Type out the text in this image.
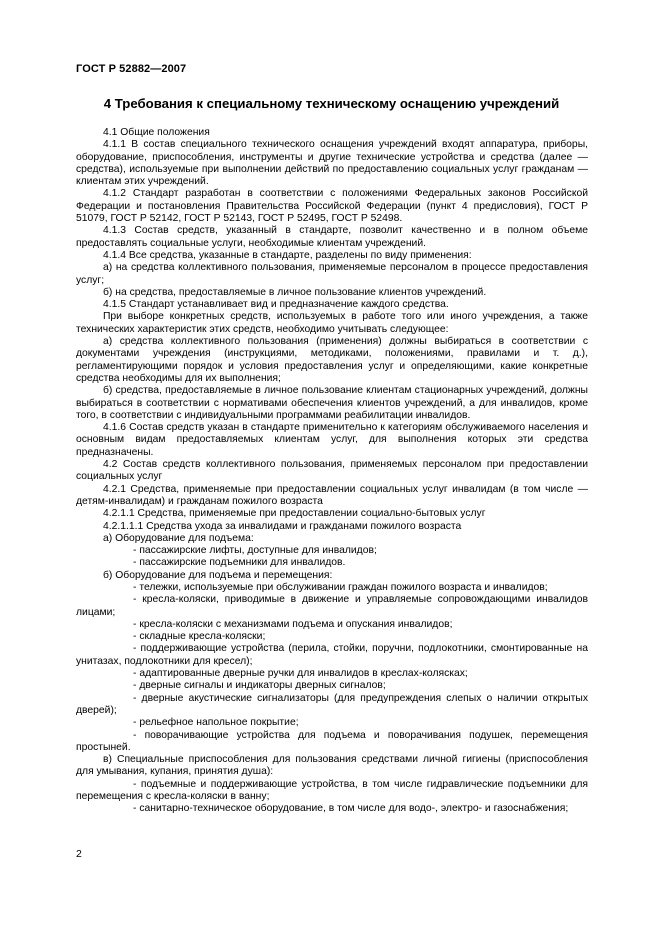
ГОСТ Р 52882—2007
4 Требования к специальному техническому оснащению учреждений

4.1 Общие положения

4.1.1 В состав специального технического оснащения учреждений входят аппаратура, приборы, оборудование, приспособления, инструменты и другие технические устройства и средства (далее — средства), используемые при выполнении действий по предоставлению социальных услуг гражданам — клиентам этих учреждений.

4.1.2 Стандарт разработан в соответствии с положениями Федеральных законов Российской Федерации и постановления Правительства Российской Федерации (пункт 4 предисловия), ГОСТ Р 51079, ГОСТ Р 52142, ГОСТ Р 52143, ГОСТ Р 52495, ГОСТ Р 52498.

4.1.3 Состав средств, указанный в стандарте, позволит качественно и в полном объеме предоставлять социальные услуги, необходимые клиентам учреждений.

4.1.4 Все средства, указанные в стандарте, разделены по виду применения:

а) на средства коллективного пользования, применяемые персоналом в процессе предоставления услуг;

б) на средства, предоставляемые в личное пользование клиентов учреждений.

4.1.5 Стандарт устанавливает вид и предназначение каждого средства.

При выборе конкретных средств, используемых в работе того или иного учреждения, а также технических характеристик этих средств, необходимо учитывать следующее:

а) средства коллективного пользования (применения) должны выбираться в соответствии с документами учреждения (инструкциями, методиками, положениями, правилами и т. д.), регламентирующими порядок и условия предоставления услуг и определяющими, какие конкретные средства необходимы для их выполнения;

б) средства, предоставляемые в личное пользование клиентам стационарных учреждений, должны выбираться в соответствии с нормативами обеспечения клиентов учреждений, а для инвалидов, кроме того, в соответствии с индивидуальными программами реабилитации инвалидов.

4.1.6 Состав средств указан в стандарте применительно к категориям обслуживаемого населения и основным видам предоставляемых клиентам услуг, для выполнения которых эти средства предназначены.

4.2 Состав средств коллективного пользования, применяемых персоналом при предоставлении социальных услуг

4.2.1 Средства, применяемые при предоставлении социальных услуг инвалидам (в том числе — детям-инвалидам) и гражданам пожилого возраста

4.2.1.1 Средства, применяемые при предоставлении социально-бытовых услуг

4.2.1.1.1 Средства ухода за инвалидами и гражданами пожилого возраста

а) Оборудование для подъема:

- пассажирские лифты, доступные для инвалидов;

- пассажирские подъемники для инвалидов.

б) Оборудование для подъема и перемещения:

- тележки, используемые при обслуживании граждан пожилого возраста и инвалидов;

- кресла-коляски, приводимые в движение и управляемые сопровождающими инвалидов лицами;

- кресла-коляски с механизмами подъема и опускания инвалидов;

- складные кресла-коляски;

- поддерживающие устройства (перила, стойки, поручни, подлокотники, смонтированные на унитазах, подлокотники для кресел);

- адаптированные дверные ручки для инвалидов в креслах-колясках;

- дверные сигналы и индикаторы дверных сигналов;

- дверные акустические сигнализаторы (для предупреждения слепых о наличии открытых дверей);

- рельефное напольное покрытие;

- поворачивающие устройства для подъема и поворачивания подушек, перемещения простыней.

в) Специальные приспособления для пользования средствами личной гигиены (приспособления для умывания, купания, принятия душа):

- подъемные и поддерживающие устройства, в том числе гидравлические подъемники для перемещения с кресла-коляски в ванну;

- санитарно-техническое оборудование, в том числе для водо-, электро- и газоснабжения;

2
